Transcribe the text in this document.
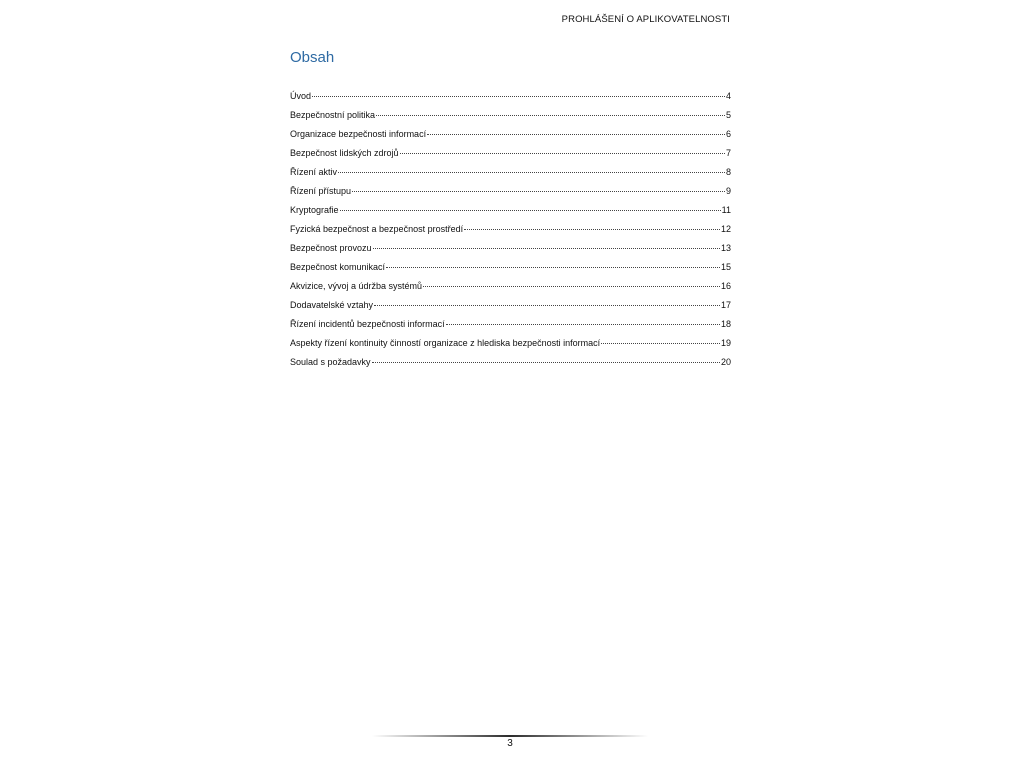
PROHLÁŠENÍ O APLIKOVATELNOSTI
Obsah
Úvod	4
Bezpečnostní politika	5
Organizace bezpečnosti informací	6
Bezpečnost lidských zdrojů	7
Řízení aktiv	8
Řízení přístupu	9
Kryptografie	11
Fyzická bezpečnost a bezpečnost prostředí	12
Bezpečnost provozu	13
Bezpečnost komunikací	15
Akvizice, vývoj a údržba systémů	16
Dodavatelské vztahy	17
Řízení incidentů bezpečnosti informací	18
Aspekty řízení kontinuity činností organizace z hlediska bezpečnosti informací	19
Soulad s požadavky	20
3
